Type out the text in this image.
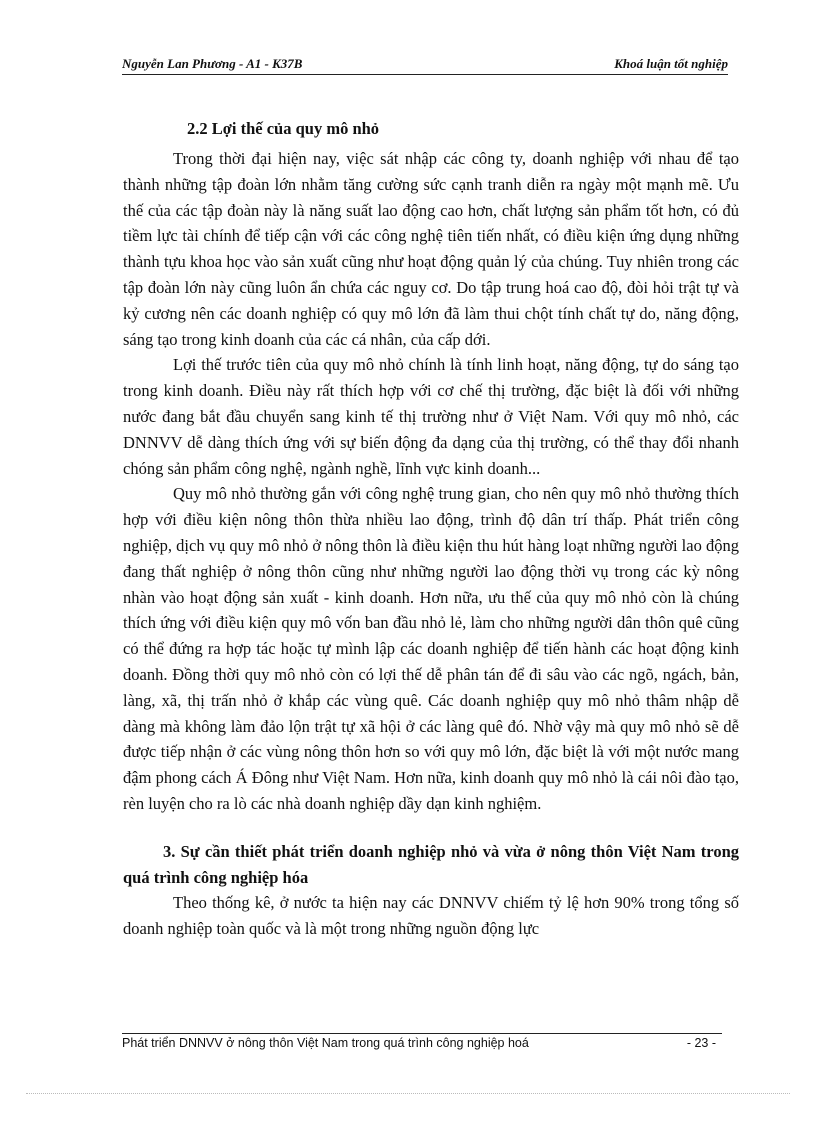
Nguyễn Lan Phương - A1 - K37B	Khoá luận tốt nghiệp
2.2 Lợi thế của quy mô nhỏ

Trong thời đại hiện nay, việc sát nhập các công ty, doanh nghiệp với nhau để tạo thành những tập đoàn lớn nhằm tăng cường sức cạnh tranh diễn ra ngày một mạnh mẽ. Ưu thế của các tập đoàn này là năng suất lao động cao hơn, chất lượng sản phẩm tốt hơn, có đủ tiềm lực tài chính để tiếp cận với các công nghệ tiên tiến nhất, có điều kiện ứng dụng những thành tựu khoa học vào sản xuất cũng như hoạt động quản lý của chúng. Tuy nhiên trong các tập đoàn lớn này cũng luôn ẩn chứa các nguy cơ. Do tập trung hoá cao độ, đòi hỏi trật tự và kỷ cương nên các doanh nghiệp có quy mô lớn đã làm thui chột tính chất tự do, năng động, sáng tạo trong kinh doanh của các cá nhân, của cấp dới.

Lợi thế trước tiên của quy mô nhỏ chính là tính linh hoạt, năng động, tự do sáng tạo trong kinh doanh. Điều này rất thích hợp với cơ chế thị trường, đặc biệt là đối với những nước đang bắt đầu chuyển sang kinh tế thị trường như ở Việt Nam. Với quy mô nhỏ, các DNNVV dễ dàng thích ứng với sự biến động đa dạng của thị trường, có thể thay đổi nhanh chóng sản phẩm công nghệ, ngành nghề, lĩnh vực kinh doanh...

Quy mô nhỏ thường gắn với công nghệ trung gian, cho nên quy mô nhỏ thường thích hợp với điều kiện nông thôn thừa nhiều lao động, trình độ dân trí thấp. Phát triển công nghiệp, dịch vụ quy mô nhỏ ở nông thôn là điều kiện thu hút hàng loạt những người lao động đang thất nghiệp ở nông thôn cũng như những người lao động thời vụ trong các kỳ nông nhàn vào hoạt động sản xuất - kinh doanh. Hơn nữa, ưu thế của quy mô nhỏ còn là chúng thích ứng với điều kiện quy mô vốn ban đầu nhỏ lẻ, làm cho những người dân thôn quê cũng có thể đứng ra hợp tác hoặc tự mình lập các doanh nghiệp để tiến hành các hoạt động kinh doanh. Đồng thời quy mô nhỏ còn có lợi thế dễ phân tán để đi sâu vào các ngõ, ngách, bản, làng, xã, thị trấn nhỏ ở khắp các vùng quê. Các doanh nghiệp quy mô nhỏ thâm nhập dễ dàng mà không làm đảo lộn trật tự xã hội ở các làng quê đó. Nhờ vậy mà quy mô nhỏ sẽ dễ được tiếp nhận ở các vùng nông thôn hơn so với quy mô lớn, đặc biệt là với một nước mang đậm phong cách Á Đông như Việt Nam. Hơn nữa, kinh doanh quy mô nhỏ là cái nôi đào tạo, rèn luyện cho ra lò các nhà doanh nghiệp dầy dạn kinh nghiệm.

3. Sự cần thiết phát triển doanh nghiệp nhỏ và vừa ở nông thôn Việt Nam trong quá trình công nghiệp hóa

Theo thống kê, ở nước ta hiện nay các DNNVV chiếm tỷ lệ hơn 90% trong tổng số doanh nghiệp toàn quốc và là một trong những nguồn động lực

Phát triển DNNVV ở nông thôn Việt Nam trong quá trình công nghiệp hoá	- 23 -
